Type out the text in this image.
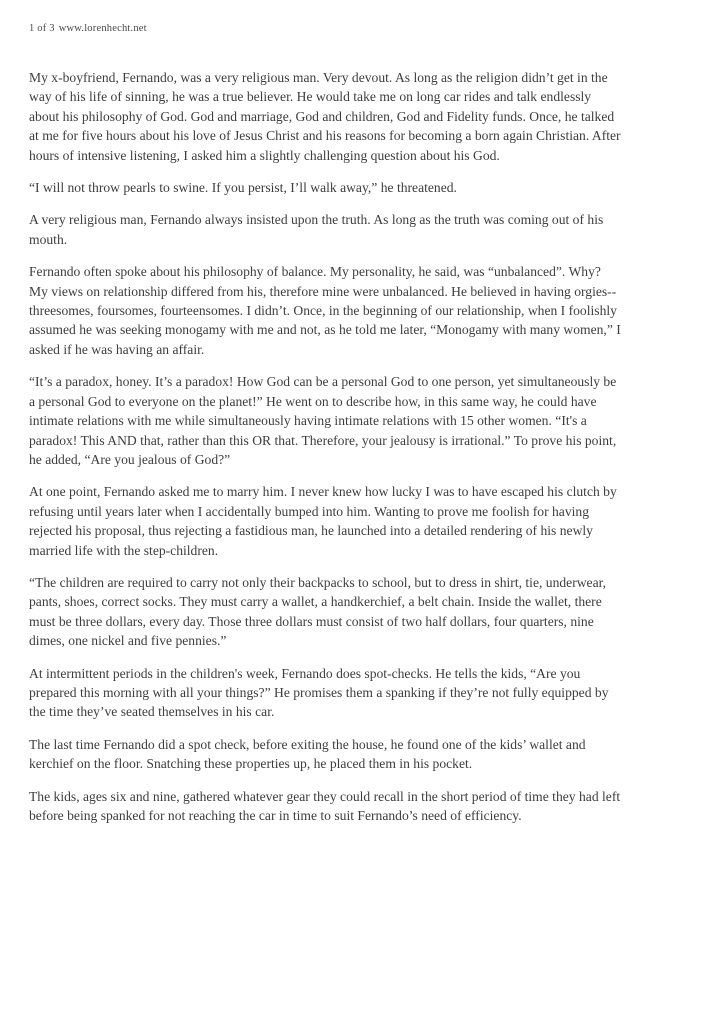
1 of 3 www.lorenhecht.net

My x-boyfriend, Fernando, was a very religious man. Very devout. As long as the religion didn’t get in the way of his life of sinning, he was a true believer. He would take me on long car rides and talk endlessly about his philosophy of God. God and marriage, God and children, God and Fidelity funds. Once, he talked at me for five hours about his love of Jesus Christ and his reasons for becoming a born again Christian. After hours of intensive listening, I asked him a slightly challenging question about his God.

“I will not throw pearls to swine. If you persist, I’ll walk away,” he threatened.

A very religious man, Fernando always insisted upon the truth. As long as the truth was coming out of his mouth.

Fernando often spoke about his philosophy of balance. My personality, he said, was “unbalanced”. Why? My views on relationship differed from his, therefore mine were unbalanced. He believed in having orgies-- threesomes, foursomes, fourteensomes. I didn’t. Once, in the beginning of our relationship, when I foolishly assumed he was seeking monogamy with me and not, as he told me later, “Monogamy with many women,” I asked if he was having an affair.

“It’s a paradox, honey. It’s a paradox! How God can be a personal God to one person, yet simultaneously be a personal God to everyone on the planet!” He went on to describe how, in this same way, he could have intimate relations with me while simultaneously having intimate relations with 15 other women. “It's a paradox! This AND that, rather than this OR that. Therefore, your jealousy is irrational.” To prove his point, he added, “Are you jealous of God?”

At one point, Fernando asked me to marry him. I never knew how lucky I was to have escaped his clutch by refusing until years later when I accidentally bumped into him. Wanting to prove me foolish for having rejected his proposal, thus rejecting a fastidious man, he launched into a detailed rendering of his newly married life with the step-children.

“The children are required to carry not only their backpacks to school, but to dress in shirt, tie, underwear, pants, shoes, correct socks. They must carry a wallet, a handkerchief, a belt chain. Inside the wallet, there must be three dollars, every day. Those three dollars must consist of two half dollars, four quarters, nine dimes, one nickel and five pennies.”

At intermittent periods in the children's week, Fernando does spot-checks. He tells the kids, “Are you prepared this morning with all your things?” He promises them a spanking if they’re not fully equipped by the time they’ve seated themselves in his car.

The last time Fernando did a spot check, before exiting the house, he found one of the kids’ wallet and kerchief on the floor. Snatching these properties up, he placed them in his pocket.

The kids, ages six and nine, gathered whatever gear they could recall in the short period of time they had left before being spanked for not reaching the car in time to suit Fernando’s need of efficiency.
